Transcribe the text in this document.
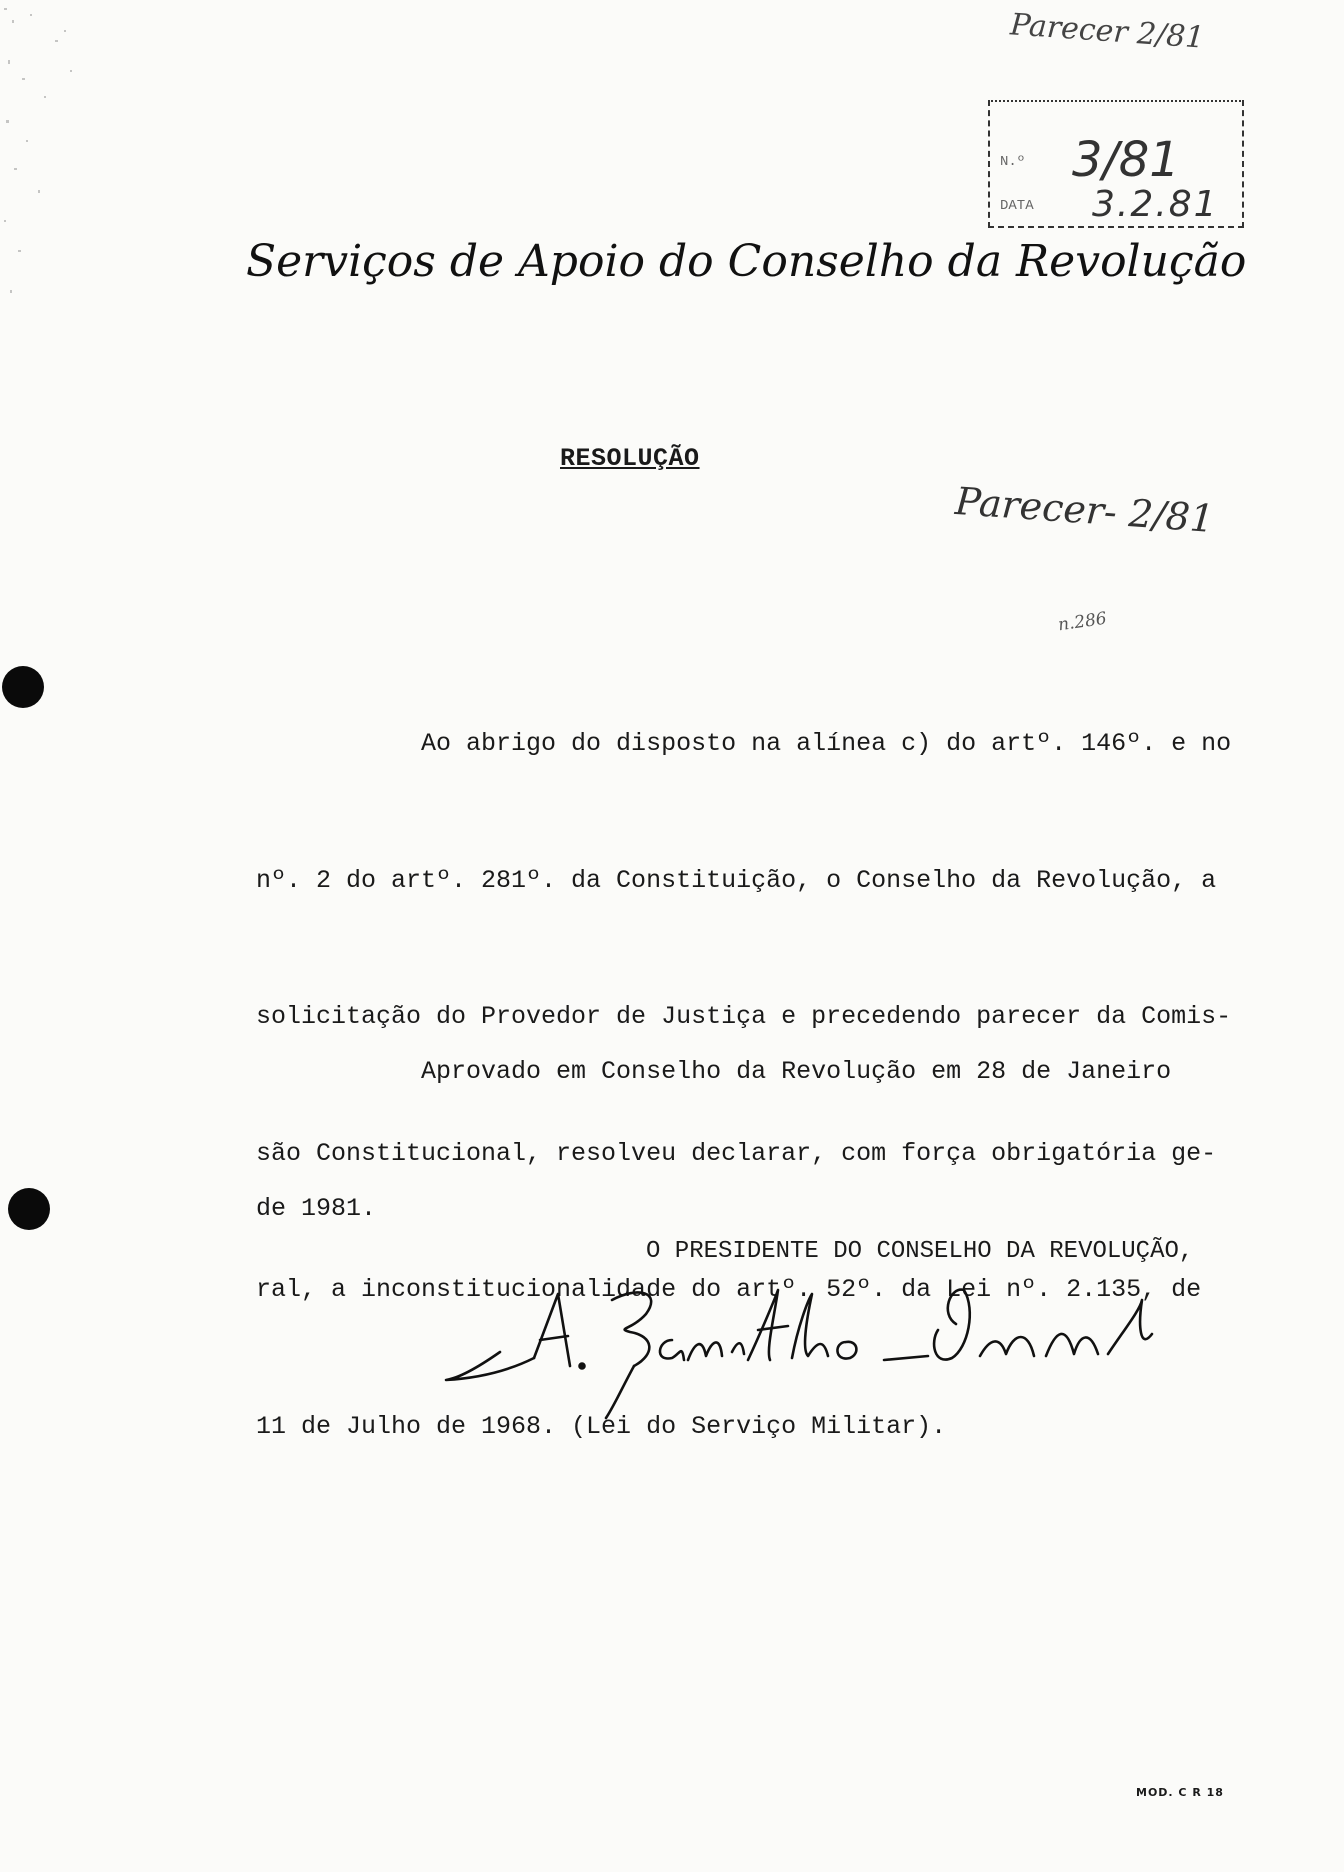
Parecer 2/81
N.º 3/81
DATA 3.2.81
Serviços de Apoio do Conselho da Revolução
RESOLUÇÃO
Parecer- 2/81
n.286

Ao abrigo do disposto na alínea c) do artº. 146º. e no

nº. 2 do artº. 281º. da Constituição, o Conselho da Revolução, a

solicitação do Provedor de Justiça e precedendo parecer da Comis-

são Constitucional, resolveu declarar, com força obrigatória ge-

ral, a inconstitucionalidade do artº. 52º. da Lei nº. 2.135, de

11 de Julho de 1968. (Lei do Serviço Militar).

Aprovado em Conselho da Revolução em 28 de Janeiro

de 1981.

O PRESIDENTE DO CONSELHO DA REVOLUÇÃO,
MOD. C R 18
